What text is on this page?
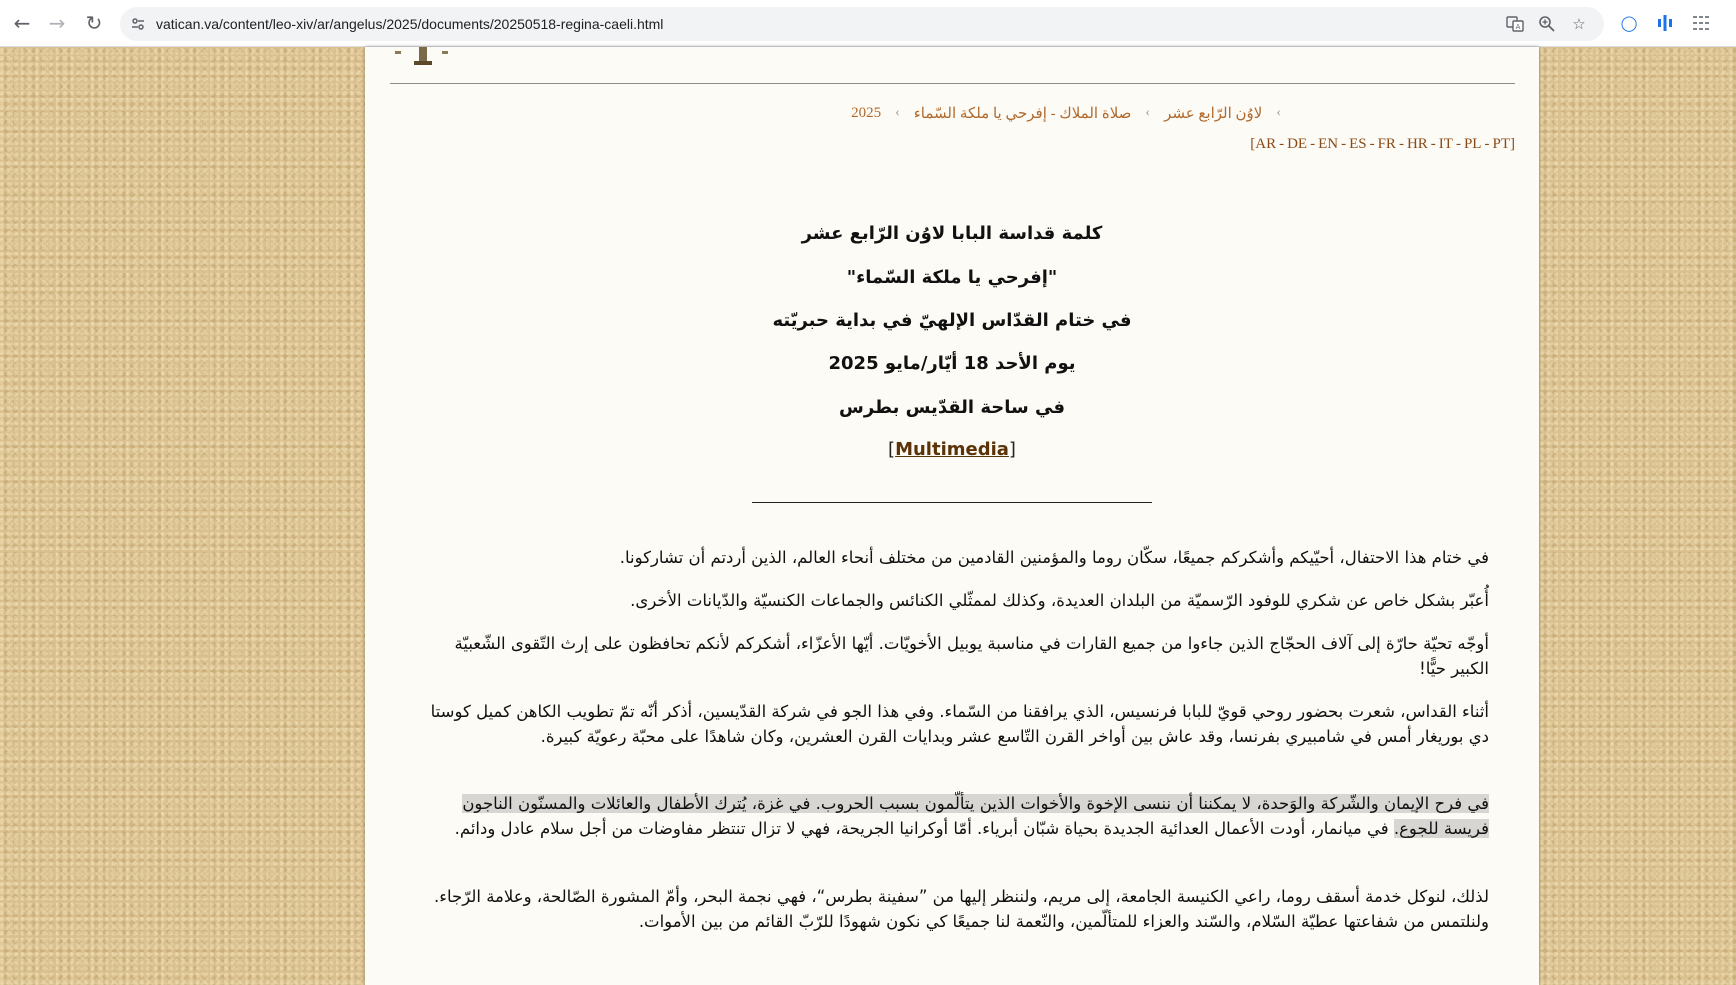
← →	↻	vatican.va/content/leo-xiv/ar/angelus/2025/documents/20250518-regina-caeli.html	A	☆	◯
2025 ‹ صلاة الملاك - إفرحي يا ملكة السّماء ‹ لاوُن الرّابع عشر ‹
[AR - DE - EN - ES - FR - HR - IT - PL - PT]
كلمة قداسة البابا لاوُن الرّابع عشر
"إفرحي يا ملكة السّماء"
في ختام القدّاس الإلهيّ في بداية حبريّته
يوم الأحد 18 أيّار/مايو 2025
في ساحة القدّيس بطرس
[Multimedia]
في ختام هذا الاحتفال، أحيّيكم وأشكركم جميعًا، سكّان روما والمؤمنين القادمين من مختلف أنحاء العالم، الذين أردتم أن تشاركونا.
أُعبّر بشكل خاص عن شكري للوفود الرّسميّة من البلدان العديدة، وكذلك لممثّلي الكنائس والجماعات الكنسيّة والدّيانات الأخرى.
أوجّه تحيّة حارّة إلى آلاف الحجّاج الذين جاءوا من جميع القارات في مناسبة يوبيل الأخويّات. أيّها الأعزّاء، أشكركم لأنكم تحافظون على إرث التّقوى الشّعبيّة الكبير حيًّا!
أثناء القداس، شعرت بحضور روحي قويّ للبابا فرنسيس، الذي يرافقنا من السّماء. وفي هذا الجو في شركة القدّيسين، أذكر أنّه تمّ تطويب الكاهن كميل كوستا دي بوريغار أمس في شامبيري بفرنسا، وقد عاش بين أواخر القرن التّاسع عشر وبدايات القرن العشرين، وكان شاهدًا على محبّة رعويّة كبيرة.
في فرح الإيمان والشّركة والوَحدة، لا يمكننا أن ننسى الإخوة والأخوات الذين يتألّمون بسبب الحروب. في غزة، يُترك الأطفال والعائلات والمسنّون الناجون فريسة للجوع. في ميانمار، أودت الأعمال العدائية الجديدة بحياة شبّان أبرياء. أمّا أوكرانيا الجريحة، فهي لا تزال تنتظر مفاوضات من أجل سلام عادل ودائم.
لذلك، لنوكل خدمة أسقف روما، راعي الكنيسة الجامعة، إلى مريم، ولننظر إليها من ”سفينة بطرس“، فهي نجمة البحر، وأمّ المشورة الصّالحة، وعلامة الرّجاء. ولنلتمس من شفاعتها عطيّة السّلام، والسّند والعزاء للمتألّمين، والنّعمة لنا جميعًا كي نكون شهودًا للرّبّ القائم من بين الأموات.
